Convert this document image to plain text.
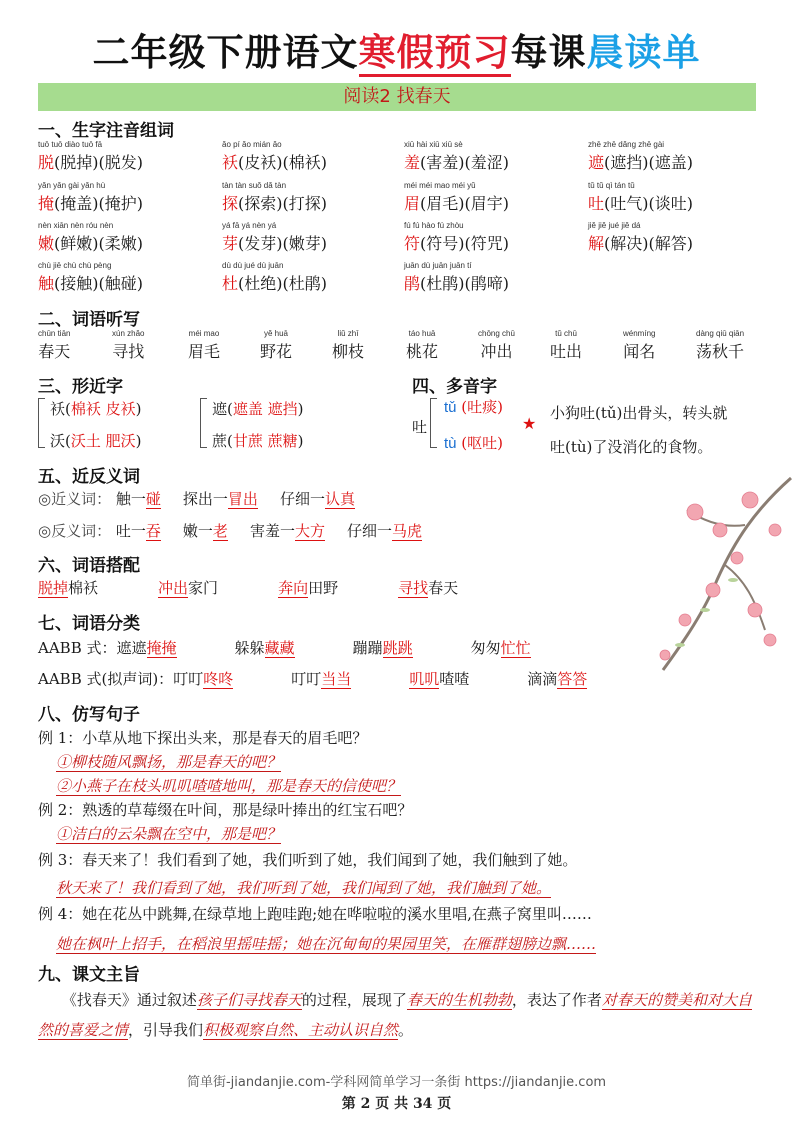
二年级下册语文寒假预习每课晨读单
阅读2 找春天
一、生字注音组词
tuō tuō diào tuō fā
脱(脱掉)(脱发)
ǎo pí ǎo mián ǎo
袄(皮袄)(棉袄)
xiū hài xiū xiū sè
羞(害羞)(羞涩)
zhē zhē dǎng zhē gài
遮(遮挡)(遮盖)
yǎn yǎn gài yǎn hù
掩(掩盖)(掩护)
tàn tàn suǒ dǎ tàn
探(探索)(打探)
méi méi mao méi yǔ
眉(眉毛)(眉宇)
tǔ tǔ qì tán tǔ
吐(吐气)(谈吐)
nèn xiān nèn róu nèn
嫩(鲜嫩)(柔嫩)
yá fā yá nèn yá
芽(发芽)(嫩芽)
fú fú hào fú zhòu
符(符号)(符咒)
jiě jiě jué jiě dá
解(解决)(解答)
chù jiē chù chù pèng
触(接触)(触碰)
dù dù jué dù juān
杜(杜绝)(杜鹃)
juān dù juān juān tí
鹃(杜鹃)(鹃啼)
二、词语听写
chūn tiān
春天
xún zhǎo
寻找
méi mao
眉毛
yě huā
野花
liǔ zhī
柳枝
táo huā
桃花
chōng chū
冲出
tǔ chū
吐出
wénmíng
闻名
dàng qiū qiān
荡秋千
三、形近字	四、多音字
袄(棉袄 皮袄)
沃(沃土 肥沃)
遮(遮盖 遮挡)
蔗(甘蔗 蔗糖)
吐
tǔ (吐痰)
tù (呕吐)
★
小狗吐(tǔ)出骨头，转头就
吐(tù)了没消化的食物。
五、近反义词
◎近义词： 触一碰 探出一冒出 仔细一认真
◎反义词： 吐一吞 嫩一老 害羞一大方 仔细一马虎
六、词语搭配
脱掉棉袄	冲出家门	奔向田野	寻找春天
七、词语分类
AABB 式：遮遮掩掩	躲躲藏藏	蹦蹦跳跳	匆匆忙忙
AABB 式(拟声词)：叮叮咚咚	叮叮当当	叽叽喳喳	滴滴答答
八、仿写句子
例 1：小草从地下探出头来，那是春天的眉毛吧？
①柳枝随风飘扬，那是春天的吧？
②小燕子在枝头叽叽喳喳地叫，那是春天的信使吧？
例 2：熟透的草莓缀在叶间，那是绿叶捧出的红宝石吧？
①洁白的云朵飘在空中，那是吧？
例 3：春天来了！我们看到了她，我们听到了她，我们闻到了她，我们触到了她。
秋天来了！我们看到了她，我们听到了她，我们闻到了她，我们触到了她。
例 4：她在花丛中跳舞,在绿草地上跑哇跑;她在哗啦啦的溪水里唱,在燕子窝里叫……
她在枫叶上招手，在稻浪里摇哇摇；她在沉甸甸的果园里笑，在雁群翅膀边飘……
九、课文主旨
《找春天》通过叙述孩子们寻找春天的过程，展现了春天的生机勃勃，表达了作者对春天的赞美和对大自然的喜爱之情，引导我们积极观察自然、主动认识自然。
简单街-jiandanjie.com-学科网简单学习一条街 https://jiandanjie.com
第 2 页 共 34 页
